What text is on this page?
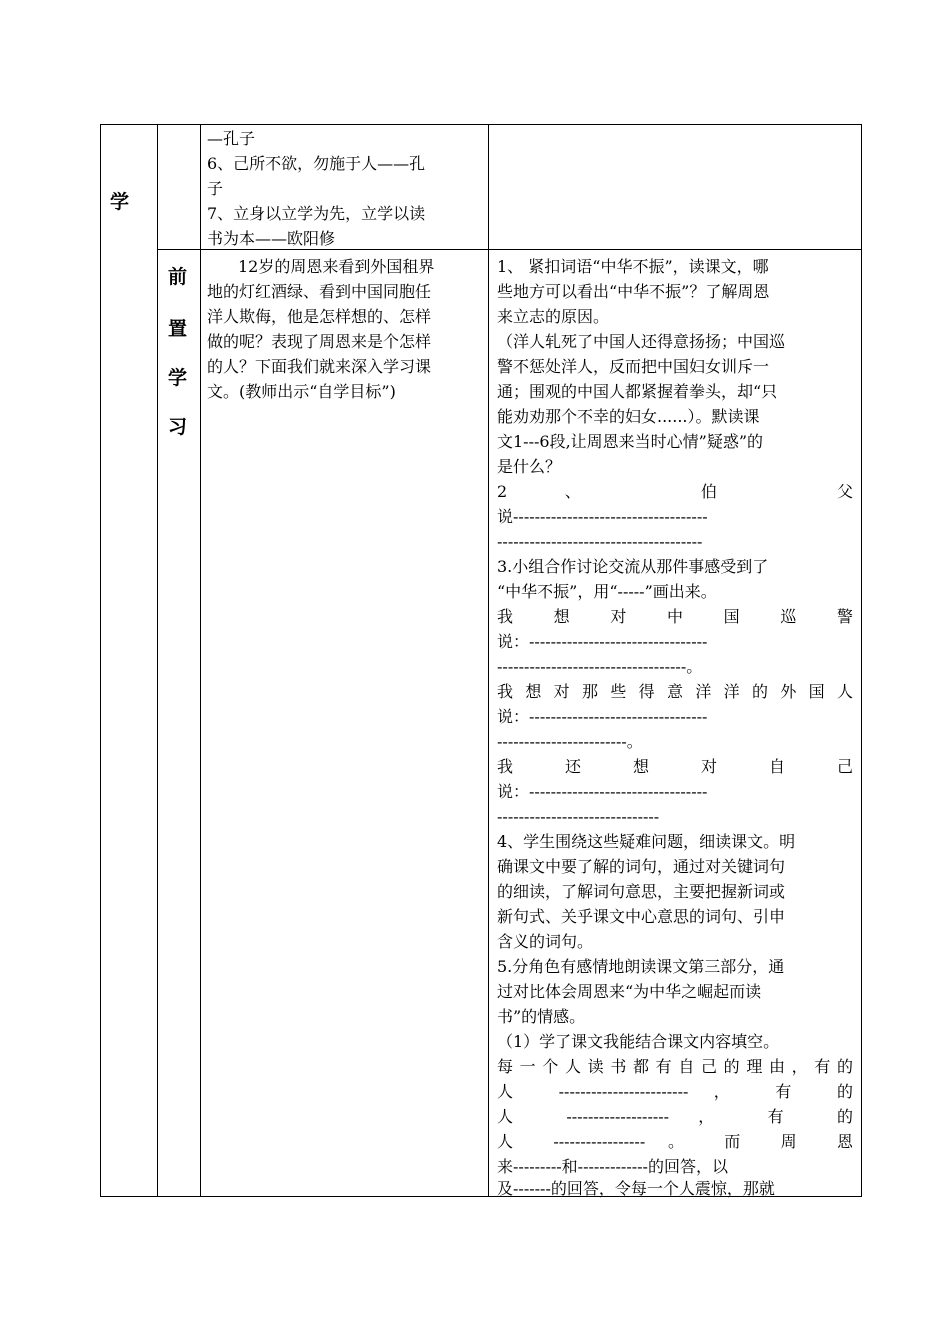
学
—孔子
6、己所不欲，勿施于人——孔
子
7、立身以立学为先，立学以读
书为本——欧阳修
前
置
学
习
12岁的周恩来看到外国租界
地的灯红酒绿、看到中国同胞任
洋人欺侮，他是怎样想的、怎样
做的呢？表现了周恩来是个怎样
的人？下面我们就来深入学习课
文。(教师出示“自学目标”)
1、 紧扣词语“中华不振”，读课文，哪
些地方可以看出“中华不振”？了解周恩
来立志的原因。
（洋人轧死了中国人还得意扬扬；中国巡
警不惩处洋人，反而把中国妇女训斥一
通；围观的中国人都紧握着拳头，却“只
能劝劝那个不幸的妇女......）。默读课
文1---6段,让周恩来当时心情”疑惑”的
是什么？
2、 伯 父
说------------------------------------
--------------------------------------
3.小组合作讨论交流从那件事感受到了
“中华不振”，用“-----”画出来。
我 想 对 中 国 巡 警
说：---------------------------------
-----------------------------------。
我想对那些得意洋洋的外国人
说：---------------------------------
------------------------。
我 还 想 对 自 己
说：---------------------------------
------------------------------
4、学生围绕这些疑难问题，细读课文。明
确课文中要了解的词句，通过对关键词句
的细读，了解词句意思，主要把握新词或
新句式、关乎课文中心意思的词句、引申
含义的词句。
5.分角色有感情地朗读课文第三部分，通
过对比体会周恩来“为中华之崛起而读
书”的情感。
（1）学了课文我能结合课文内容填空。
每一个人读书都有自己的理由，有的
人 ------------------------ ， 有 的
人 ------------------- ， 有 的
人 ----------------- 。 而 周 恩
来---------和-------------的回答，以
及-------的回答，令每一个人震惊，那就
